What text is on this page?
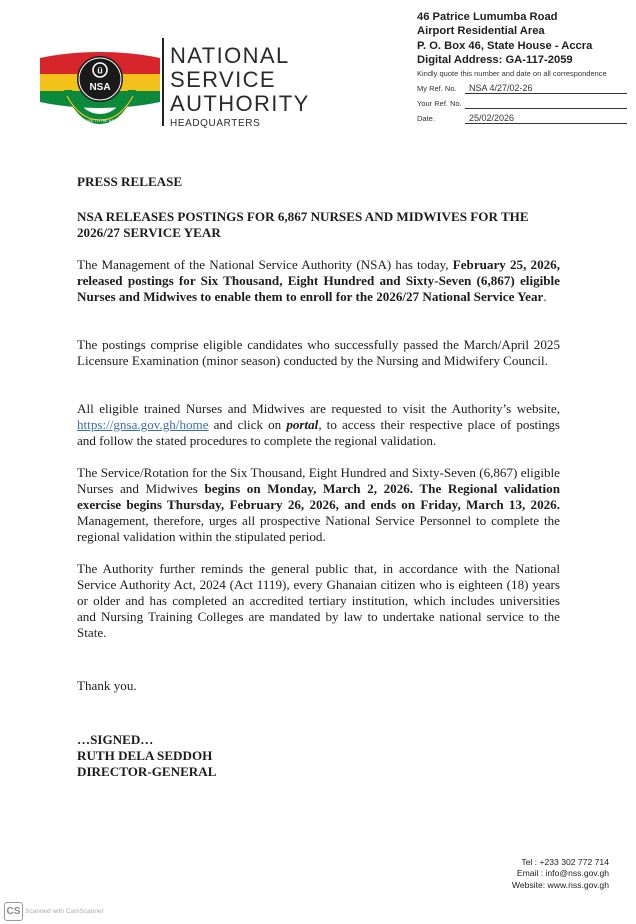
SERVICE TO THE NATION
ü
NSA
NATIONAL
SERVICE
AUTHORITY
HEADQUARTERS
46 Patrice Lumumba Road
Airport Residential Area
P. O. Box 46, State House - Accra
Digital Address: GA-117-2059
Kindly quote this number and date on all correspondence
My Ref. No. NSA 4/27/02-26
Your Ref. No.
Date.	25/02/2026

PRESS RELEASE

NSA RELEASES POSTINGS FOR 6,867 NURSES AND MIDWIVES FOR THE

2026/27 SERVICE YEAR

The Management of the National Service Authority (NSA) has today, February 25, 2026, released postings for Six Thousand, Eight Hundred and Sixty-Seven (6,867) eligible Nurses and Midwives to enable them to enroll for the 2026/27 National Service Year.

The postings comprise eligible candidates who successfully passed the March/April 2025 Licensure Examination (minor season) conducted by the Nursing and Midwifery Council.

All eligible trained Nurses and Midwives are requested to visit the Authority’s website, https://gnsa.gov.gh/home and click on portal, to access their respective place of postings and follow the stated procedures to complete the regional validation.

The Service/Rotation for the Six Thousand, Eight Hundred and Sixty-Seven (6,867) eligible Nurses and Midwives begins on Monday, March 2, 2026. The Regional validation exercise begins Thursday, February 26, 2026, and ends on Friday, March 13, 2026. Management, therefore, urges all prospective National Service Personnel to complete the regional validation within the stipulated period.

The Authority further reminds the general public that, in accordance with the National Service Authority Act, 2024 (Act 1119), every Ghanaian citizen who is eighteen (18) years or older and has completed an accredited tertiary institution, which includes universities and Nursing Training Colleges are mandated by law to undertake national service to the State.

Thank you.

…SIGNED…

RUTH DELA SEDDOH

DIRECTOR-GENERAL

Tel : +233 302 772 714
Email : info@nss.gov.gh
Website: www.nss.gov.gh
CS Scanned with CamScanner
